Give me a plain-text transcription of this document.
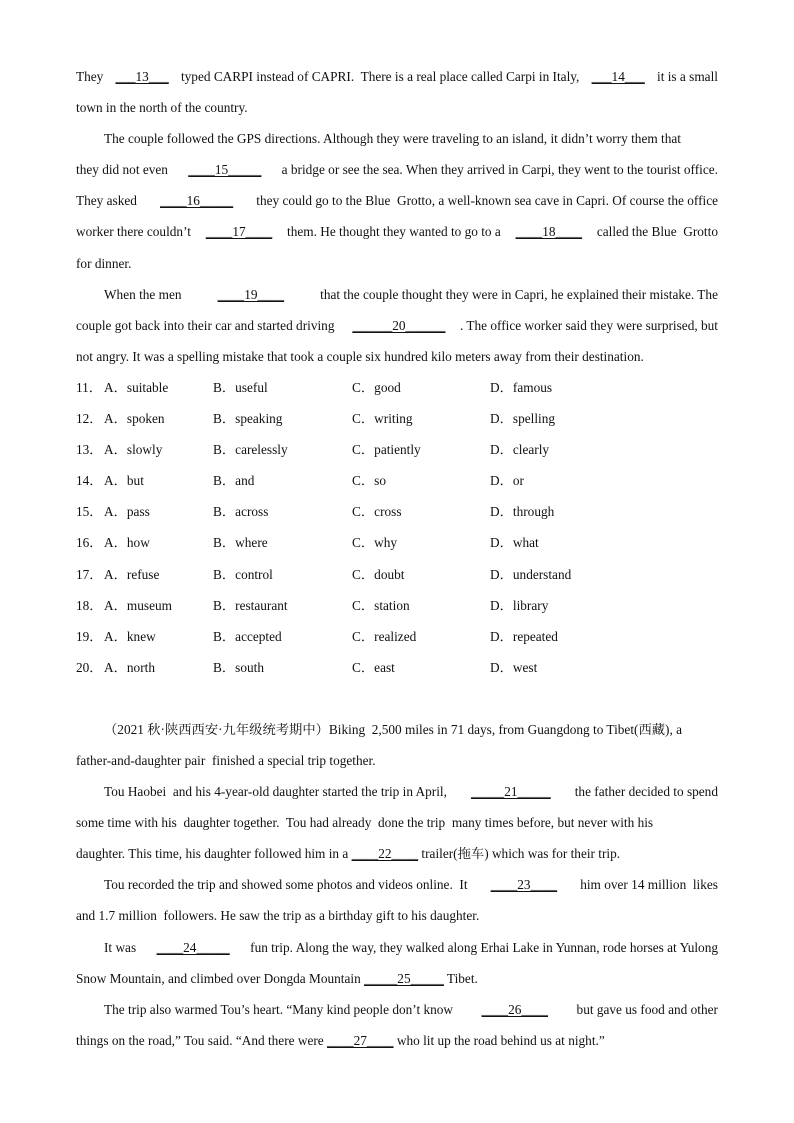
They ___13___ typed CARPI instead of CAPRI.  There is a real place called Carpi in Italy, ___14___ it is a small
town in the north of the country.
The couple followed the GPS directions. Although they were traveling to an island, it didn’t worry them that
they did not even ____15_____ a bridge or see the sea. When they arrived in Carpi, they went to the tourist office.
They asked ____16_____ they could go to the Blue  Grotto, a well-known sea cave in Capri. Of course the office
worker there couldn’t ____17____ them. He thought they wanted to go to a ____18____ called the Blue  Grotto
for dinner.
When the men ____19____ that the couple thought they were in Capri, he explained their mistake. The
couple got back into their car and started driving ______20______ . The office worker said they were surprised, but
not angry. It was a spelling mistake that took a couple six hundred kilo meters away from their destination.
11． A．suitable	B．useful	C．good	D．famous
12． A．spoken	B．speaking	C．writing	D．spelling
13． A．slowly	B．carelessly	C．patiently	D．clearly
14． A．but	B．and	C．so	D．or
15． A．pass	B．across	C．cross	D．through
16． A．how	B．where	C．why	D．what
17． A．refuse	B．control	C．doubt	D．understand
18． A．museum	B．restaurant	C．station	D．library
19． A．knew	B．accepted	C．realized	D．repeated
20． A．north	B．south	C．east	D．west
（2021 秋·陕西西安·九年级统考期中）Biking  2,500 miles in 71 days, from Guangdong to Tibet(西藏), a
father-and-daughter pair  finished a special trip together.
Tou Haobei  and his 4-year-old daughter started the trip in April, _____21_____ the father decided to spend
some time with his  daughter together.  Tou had already  done the trip  many times before, but never with his
daughter. This time, his daughter followed him in a ____22____ trailer(拖车) which was for their trip.
Tou recorded the trip and showed some photos and videos online.  It ____23____ him over 14 million  likes
and 1.7 million  followers. He saw the trip as a birthday gift to his daughter.
It was ____24_____ fun trip. Along the way, they walked along Erhai Lake in Yunnan, rode horses at Yulong
Snow Mountain, and climbed over Dongda Mountain _____25_____ Tibet.
The trip also warmed Tou’s heart. “Many kind people don’t know ____26____ but gave us food and other
things on the road,” Tou said. “And there were ____27____ who lit up the road behind us at night.”
